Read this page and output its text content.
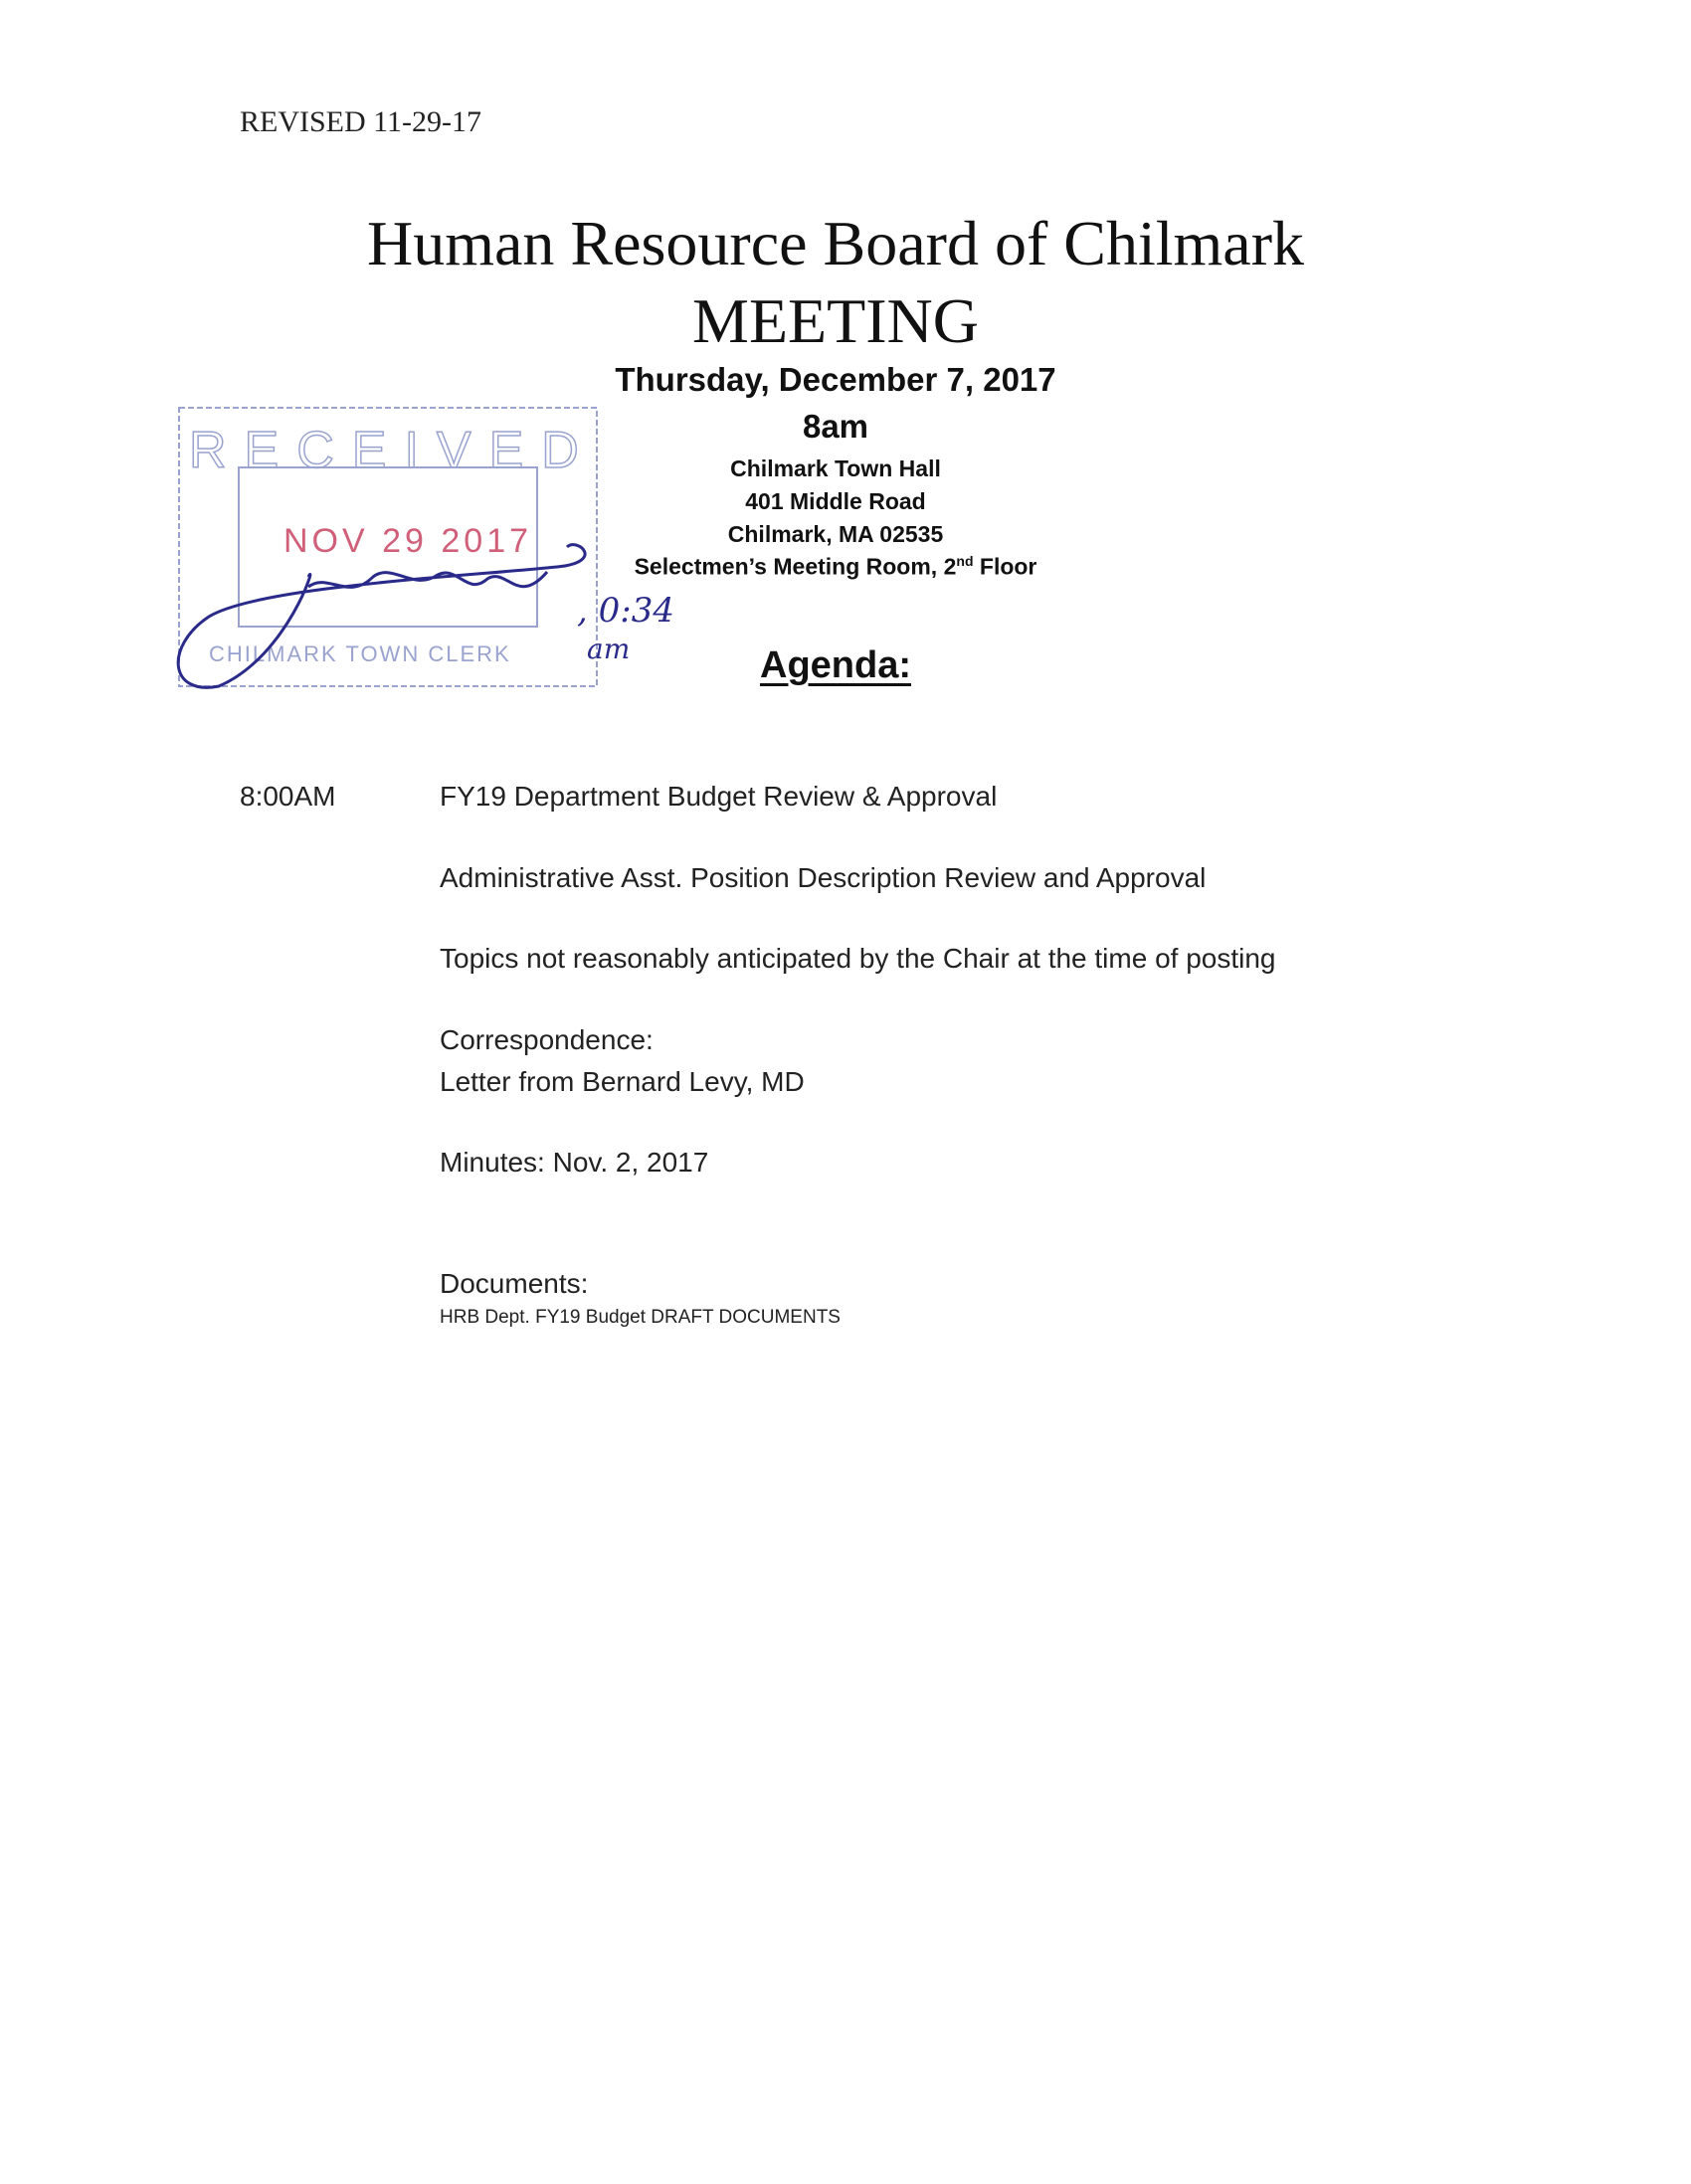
REVISED 11-29-17
Human Resource Board of Chilmark
MEETING
Thursday, December 7, 2017
8am
Chilmark Town Hall
401 Middle Road
Chilmark, MA 02535
Selectmen’s Meeting Room, 2nd Floor
RECEIVED
NOV 29 2017
CHILMARK TOWN CLERK
, 0:34
am	Agenda:
8:00AM	FY19 Department Budget Review & Approval
Administrative Asst. Position Description Review and Approval
Topics not reasonably anticipated by the Chair at the time of posting
Correspondence:
Letter from Bernard Levy, MD
Minutes: Nov. 2, 2017
Documents:
HRB Dept. FY19 Budget DRAFT DOCUMENTS
